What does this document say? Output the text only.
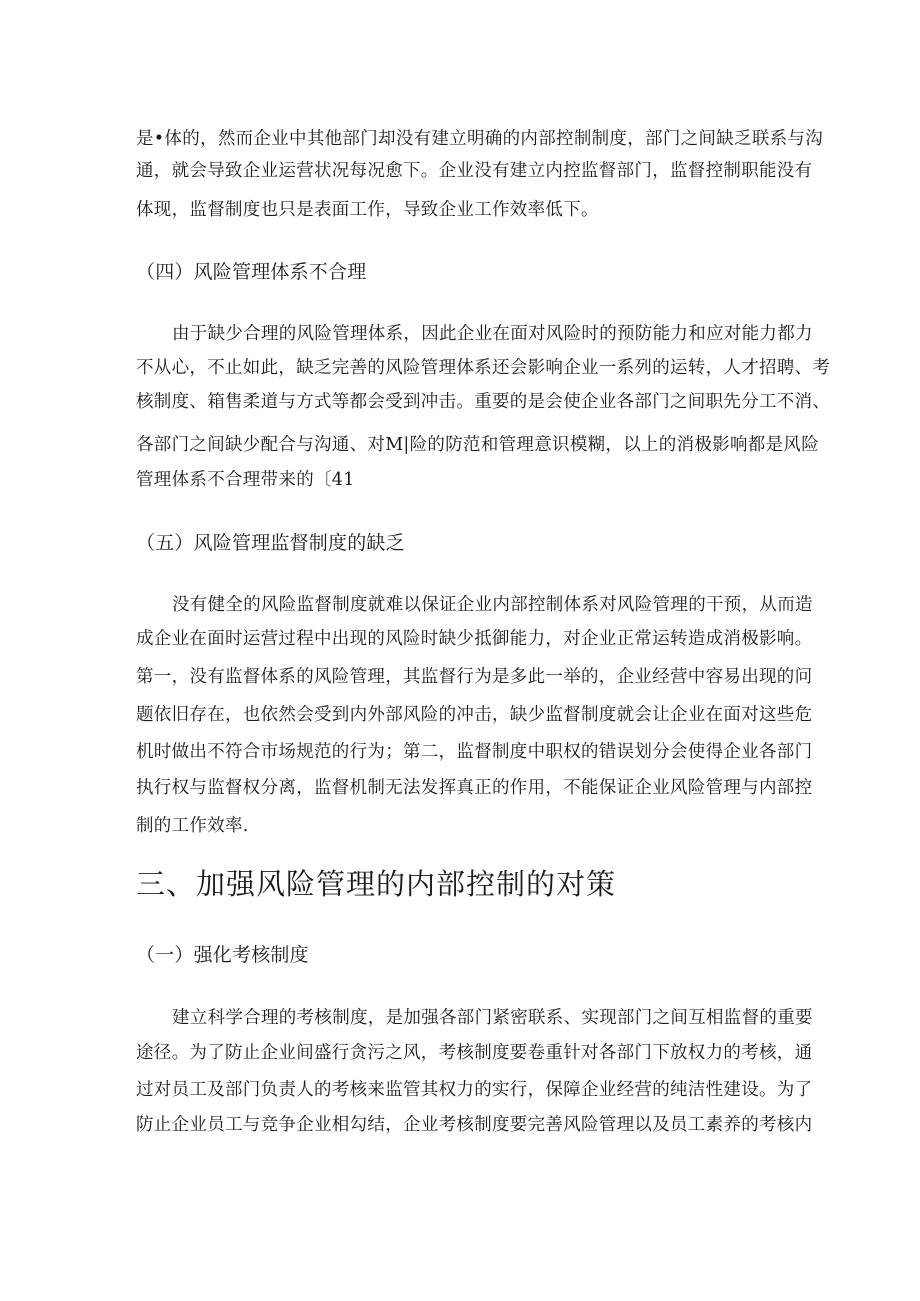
是•体的，然而企业中其他部门却没有建立明确的内部控制制度，部门之间缺乏联系与沟
通，就会导致企业运营状况每况愈下。企业没有建立内控监督部门，监督控制职能没有
体现，监督制度也只是表面工作，导致企业工作效率低下。
（四）风险管理体系不合理
由于缺少合理的风险管理体系，因此企业在面对风险时的预防能力和应对能力都力
不从心，不止如此，缺乏完善的风险管理体系还会影响企业一系列的运转，人才招聘、考
核制度、箱售柔道与方式等都会受到冲击。重要的是会使企业各部门之间职先分工不消、
各部门之间缺少配合与沟通、对M|险的防范和管理意识模糊，以上的消极影响都是风险
管理体系不合理带来的〔41
（五）风险管理监督制度的缺乏
没有健全的风险监督制度就难以保证企业内部控制体系对风险管理的干预，从而造
成企业在面时运营过程中出现的风险时缺少抵御能力，对企业正常运转造成消极影响。
第一，没有监督体系的风险管理，其监督行为是多此一举的，企业经营中容易出现的问
题依旧存在，也依然会受到内外部风险的冲击，缺少监督制度就会让企业在面对这些危
机时做出不符合市场规范的行为；第二，监督制度中职权的错误划分会使得企业各部门
执行权与监督权分离，监督机制无法发挥真正的作用，不能保证企业风险管理与内部控
制的工作效率.
三、加强风险管理的内部控制的对策
（一）强化考核制度
建立科学合理的考核制度，是加强各部门紧密联系、实现部门之间互相监督的重要
途径。为了防止企业间盛行贪污之风，考核制度要卷重针对各部门下放权力的考核，通
过对员工及部门负责人的考核来监管其权力的实行，保障企业经营的纯洁性建设。为了
防止企业员工与竞争企业相勾结，企业考核制度要完善风险管理以及员工素养的考核内
